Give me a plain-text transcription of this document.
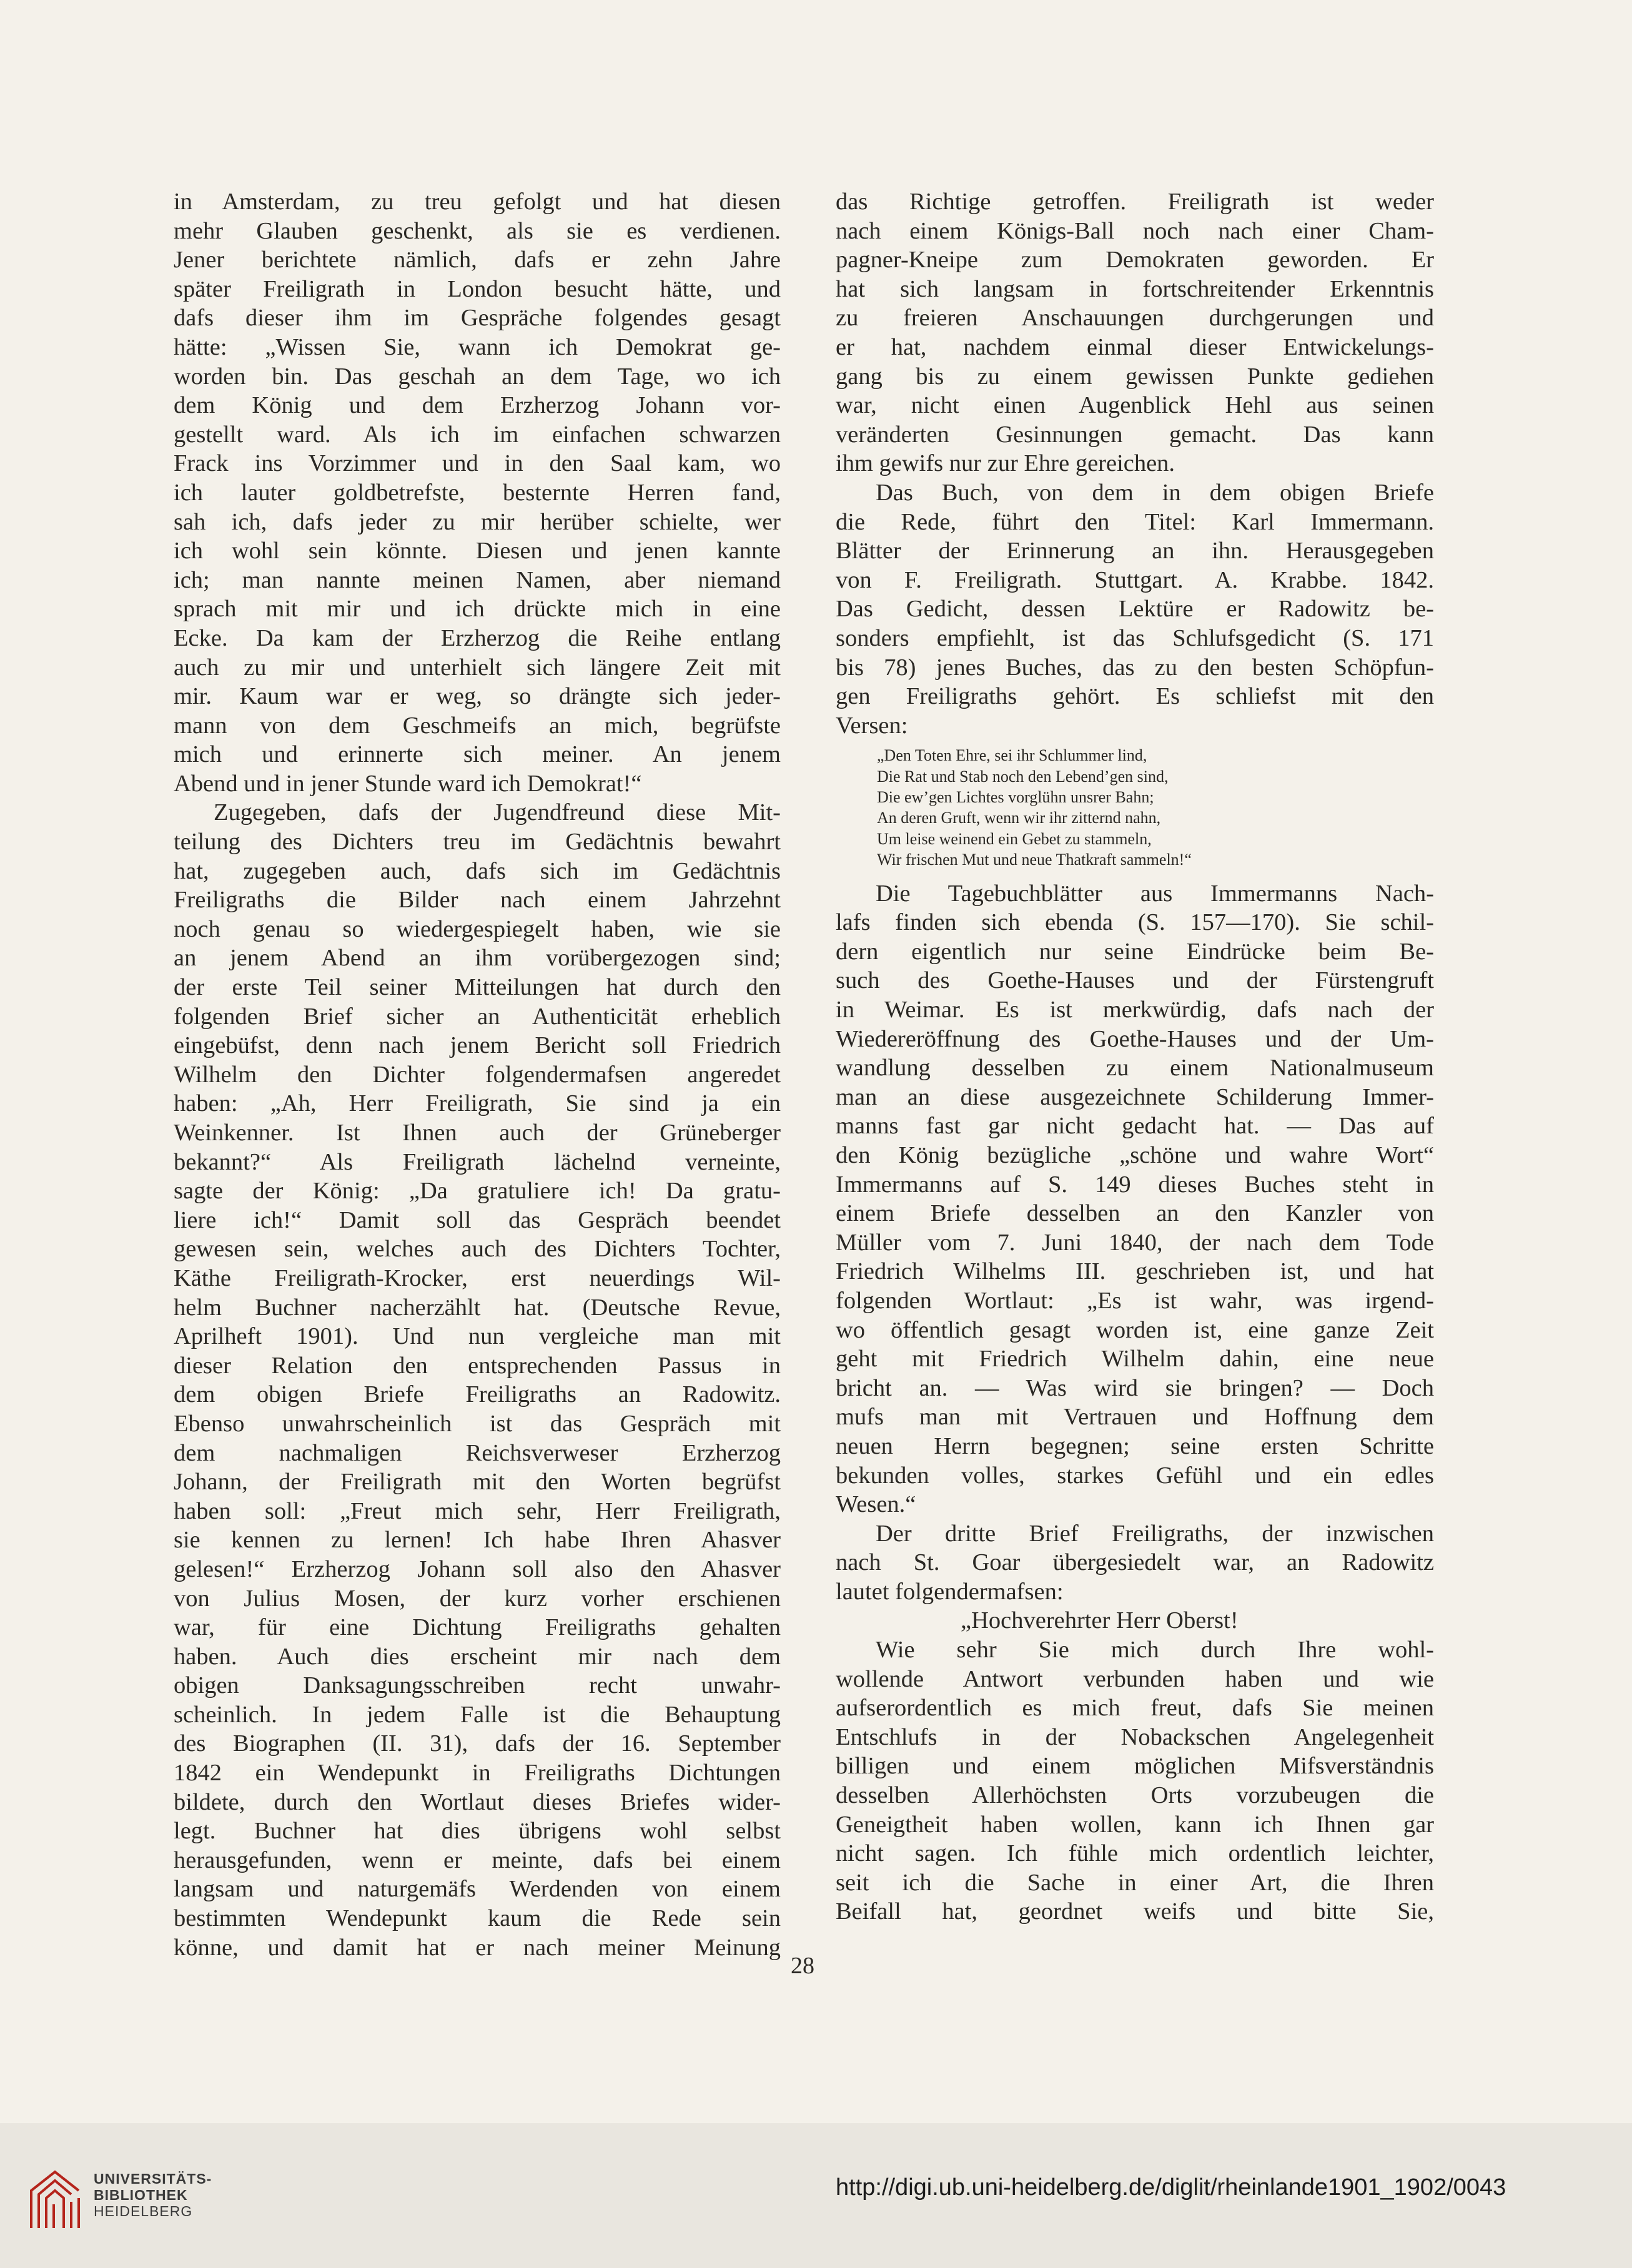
in Amsterdam, zu treu gefolgt und hat diesen
mehr Glauben geschenkt, als sie es verdienen.
Jener berichtete nämlich, dafs er zehn Jahre
später Freiligrath in London besucht hätte, und
dafs dieser ihm im Gespräche folgendes gesagt
hätte: „Wissen Sie, wann ich Demokrat ge-
worden bin. Das geschah an dem Tage, wo ich
dem König und dem Erzherzog Johann vor-
gestellt ward. Als ich im einfachen schwarzen
Frack ins Vorzimmer und in den Saal kam, wo
ich lauter goldbetrefste, besternte Herren fand,
sah ich, dafs jeder zu mir herüber schielte, wer
ich wohl sein könnte. Diesen und jenen kannte
ich; man nannte meinen Namen, aber niemand
sprach mit mir und ich drückte mich in eine
Ecke. Da kam der Erzherzog die Reihe entlang
auch zu mir und unterhielt sich längere Zeit mit
mir. Kaum war er weg, so drängte sich jeder-
mann von dem Geschmeifs an mich, begrüfste
mich und erinnerte sich meiner. An jenem
Abend und in jener Stunde ward ich Demokrat!“
Zugegeben, dafs der Jugendfreund diese Mit-
teilung des Dichters treu im Gedächtnis bewahrt
hat, zugegeben auch, dafs sich im Gedächtnis
Freiligraths die Bilder nach einem Jahrzehnt
noch genau so wiedergespiegelt haben, wie sie
an jenem Abend an ihm vorübergezogen sind;
der erste Teil seiner Mitteilungen hat durch den
folgenden Brief sicher an Authenticität erheblich
eingebüfst, denn nach jenem Bericht soll Friedrich
Wilhelm den Dichter folgendermafsen angeredet
haben: „Ah, Herr Freiligrath, Sie sind ja ein
Weinkenner. Ist Ihnen auch der Grüneberger
bekannt?“ Als Freiligrath lächelnd verneinte,
sagte der König: „Da gratuliere ich! Da gratu-
liere ich!“ Damit soll das Gespräch beendet
gewesen sein, welches auch des Dichters Tochter,
Käthe Freiligrath-Krocker, erst neuerdings Wil-
helm Buchner nacherzählt hat. (Deutsche Revue,
Aprilheft 1901). Und nun vergleiche man mit
dieser Relation den entsprechenden Passus in
dem obigen Briefe Freiligraths an Radowitz.
Ebenso unwahrscheinlich ist das Gespräch mit
dem nachmaligen Reichsverweser Erzherzog
Johann, der Freiligrath mit den Worten begrüfst
haben soll: „Freut mich sehr, Herr Freiligrath,
sie kennen zu lernen! Ich habe Ihren Ahasver
gelesen!“ Erzherzog Johann soll also den Ahasver
von Julius Mosen, der kurz vorher erschienen
war, für eine Dichtung Freiligraths gehalten
haben. Auch dies erscheint mir nach dem
obigen Danksagungsschreiben recht unwahr-
scheinlich. In jedem Falle ist die Behauptung
des Biographen (II. 31), dafs der 16. September
1842 ein Wendepunkt in Freiligraths Dichtungen
bildete, durch den Wortlaut dieses Briefes wider-
legt. Buchner hat dies übrigens wohl selbst
herausgefunden, wenn er meinte, dafs bei einem
langsam und naturgemäfs Werdenden von einem
bestimmten Wendepunkt kaum die Rede sein
könne, und damit hat er nach meiner Meinung
das Richtige getroffen. Freiligrath ist weder
nach einem Königs-Ball noch nach einer Cham-
pagner-Kneipe zum Demokraten geworden. Er
hat sich langsam in fortschreitender Erkenntnis
zu freieren Anschauungen durchgerungen und
er hat, nachdem einmal dieser Entwickelungs-
gang bis zu einem gewissen Punkte gediehen
war, nicht einen Augenblick Hehl aus seinen
veränderten Gesinnungen gemacht. Das kann
ihm gewifs nur zur Ehre gereichen.
Das Buch, von dem in dem obigen Briefe
die Rede, führt den Titel: Karl Immermann.
Blätter der Erinnerung an ihn. Herausgegeben
von F. Freiligrath. Stuttgart. A. Krabbe. 1842.
Das Gedicht, dessen Lektüre er Radowitz be-
sonders empfiehlt, ist das Schlufsgedicht (S. 171
bis 78) jenes Buches, das zu den besten Schöpfun-
gen Freiligraths gehört. Es schliefst mit den
Versen:
„Den Toten Ehre, sei ihr Schlummer lind,
Die Rat und Stab noch den Lebend’gen sind,
Die ew’gen Lichtes vorglühn unsrer Bahn;
An deren Gruft, wenn wir ihr zitternd nahn,
Um leise weinend ein Gebet zu stammeln,
Wir frischen Mut und neue Thatkraft sammeln!“
Die Tagebuchblätter aus Immermanns Nach-
lafs finden sich ebenda (S. 157—170). Sie schil-
dern eigentlich nur seine Eindrücke beim Be-
such des Goethe-Hauses und der Fürstengruft
in Weimar. Es ist merkwürdig, dafs nach der
Wiedereröffnung des Goethe-Hauses und der Um-
wandlung desselben zu einem Nationalmuseum
man an diese ausgezeichnete Schilderung Immer-
manns fast gar nicht gedacht hat. — Das auf
den König bezügliche „schöne und wahre Wort“
Immermanns auf S. 149 dieses Buches steht in
einem Briefe desselben an den Kanzler von
Müller vom 7. Juni 1840, der nach dem Tode
Friedrich Wilhelms III. geschrieben ist, und hat
folgenden Wortlaut: „Es ist wahr, was irgend-
wo öffentlich gesagt worden ist, eine ganze Zeit
geht mit Friedrich Wilhelm dahin, eine neue
bricht an. — Was wird sie bringen? — Doch
mufs man mit Vertrauen und Hoffnung dem
neuen Herrn begegnen; seine ersten Schritte
bekunden volles, starkes Gefühl und ein edles
Wesen.“
Der dritte Brief Freiligraths, der inzwischen
nach St. Goar übergesiedelt war, an Radowitz
lautet folgendermafsen:
„Hochverehrter Herr Oberst!
Wie sehr Sie mich durch Ihre wohl-
wollende Antwort verbunden haben und wie
aufserordentlich es mich freut, dafs Sie meinen
Entschlufs in der Nobackschen Angelegenheit
billigen und einem möglichen Mifsverständnis
desselben Allerhöchsten Orts vorzubeugen die
Geneigtheit haben wollen, kann ich Ihnen gar
nicht sagen. Ich fühle mich ordentlich leichter,
seit ich die Sache in einer Art, die Ihren
Beifall hat, geordnet weifs und bitte Sie,
28
UNIVERSITÄTS-
BIBLIOTHEK
HEIDELBERG
http://digi.ub.uni-heidelberg.de/diglit/rheinlande1901_1902/0043
